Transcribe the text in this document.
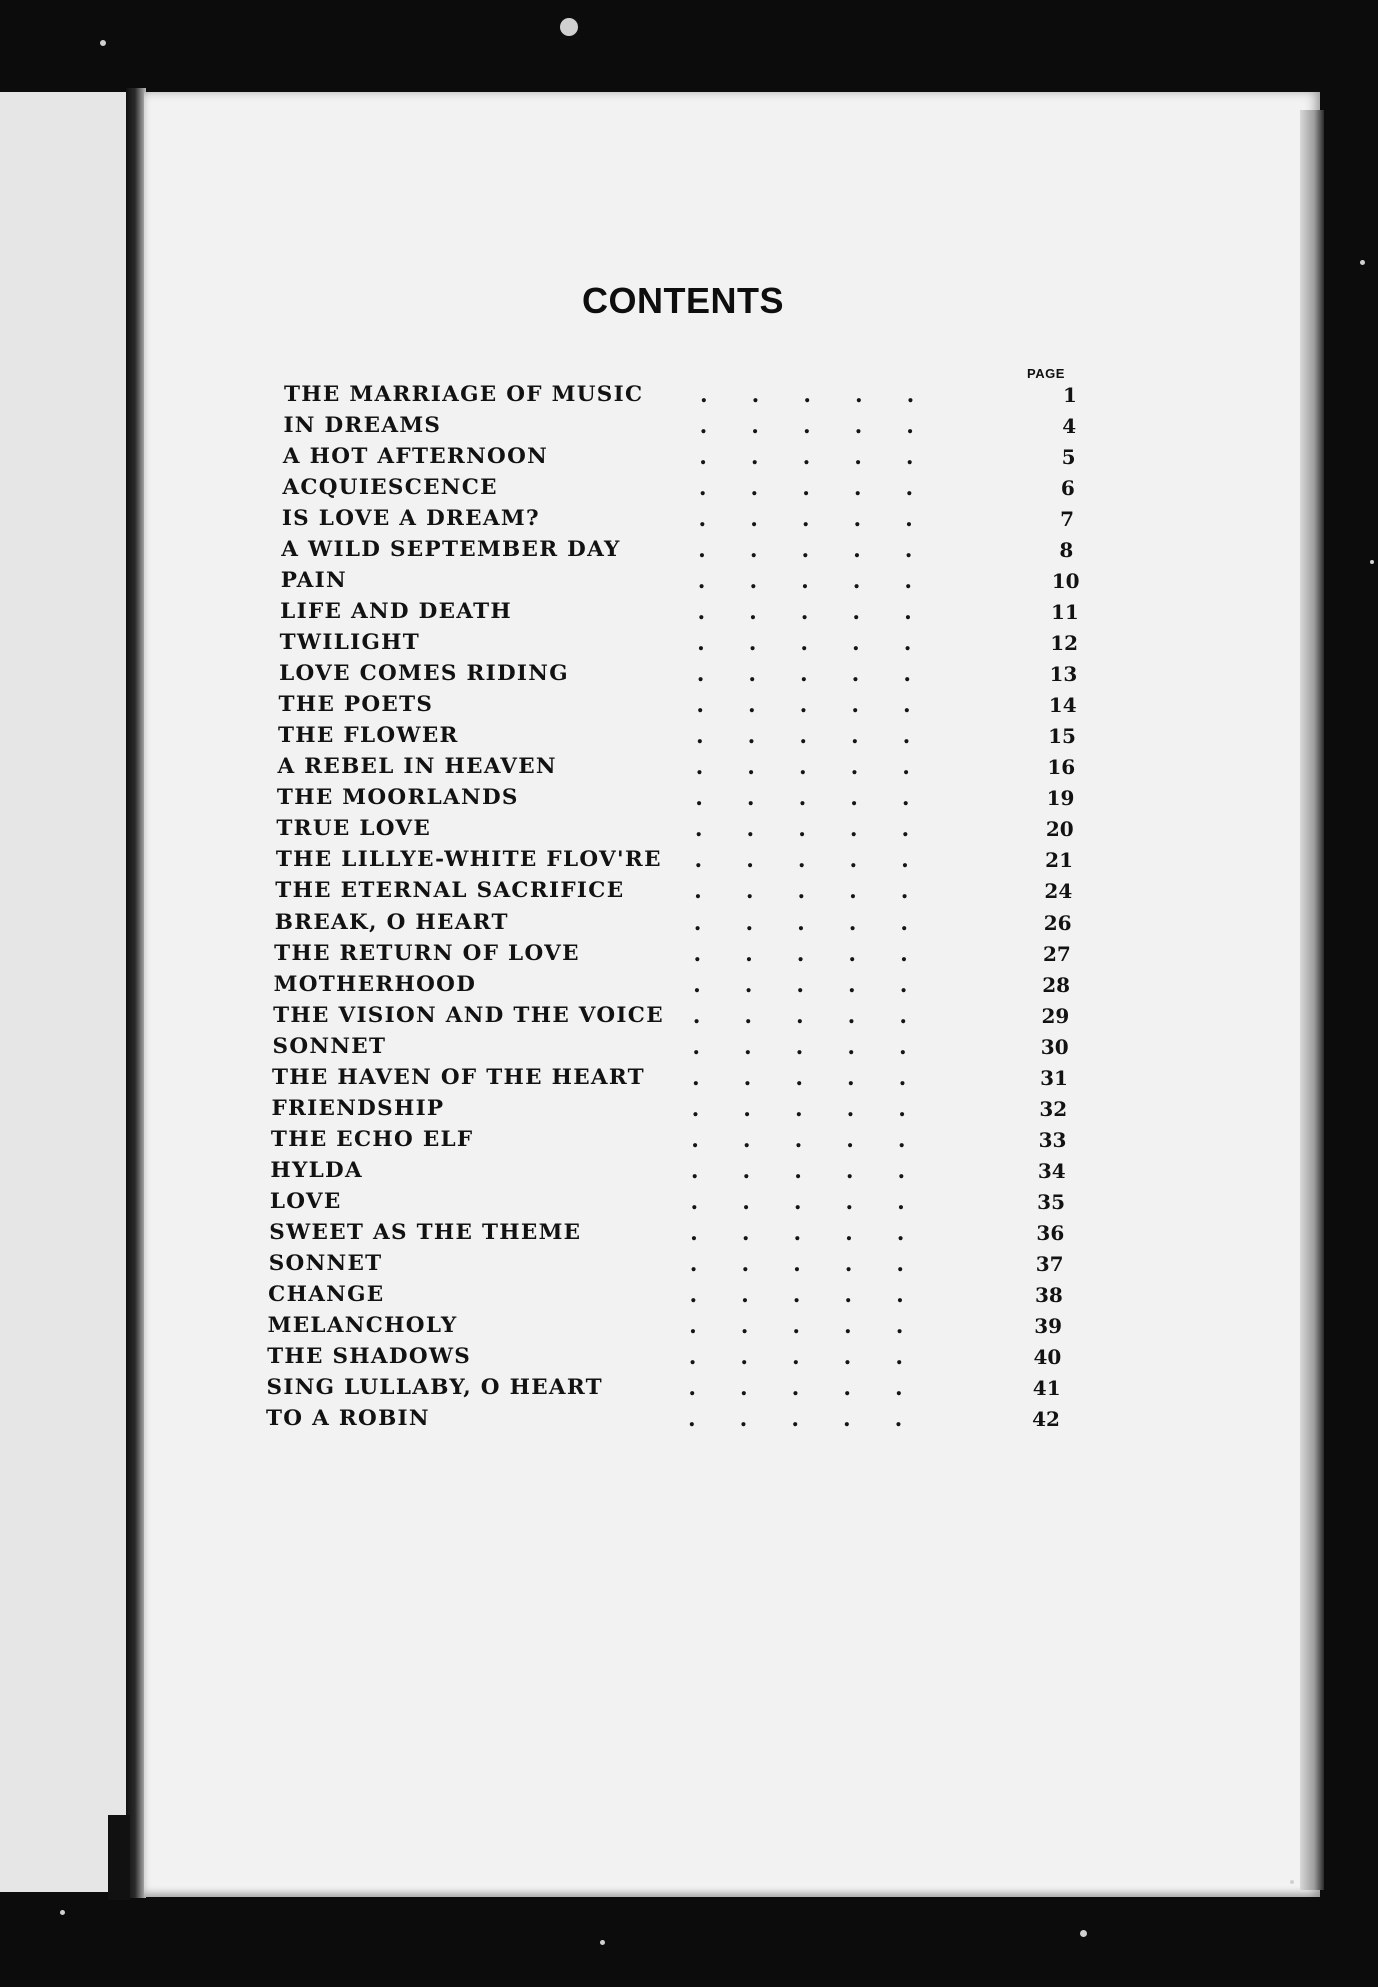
CONTENTS
PAGE
THE MARRIAGE OF MUSIC	.  .  .  .  .	1
IN DREAMS	.  .  .  .  .	4
A HOT AFTERNOON	.  .  .  .  .	5
ACQUIESCENCE	.  .  .  .  .	6
IS LOVE A DREAM?	.  .  .  .  .	7
A WILD SEPTEMBER DAY	.  .  .  .  .	8
PAIN	.  .  .  .  .	10
LIFE AND DEATH	.  .  .  .  .	11
TWILIGHT	.  .  .  .  .	12
LOVE COMES RIDING	.  .  .  .  .	13
THE POETS	.  .  .  .  .	14
THE FLOWER	.  .  .  .  .	15
A REBEL IN HEAVEN	.  .  .  .  .	16
THE MOORLANDS	.  .  .  .  .	19
TRUE LOVE	.  .  .  .  .	20
THE LILLYE-WHITE FLOV'RE .  .  .  .  .	21
THE ETERNAL SACRIFICE	.  .  .  .  .	24
BREAK, O HEART	.  .  .  .  .	26
THE RETURN OF LOVE	.  .  .  .  .	27
MOTHERHOOD	.  .  .  .  .	28
THE VISION AND THE VOICE .  .  .  .  .	29
SONNET	.  .  .  .  .	30
THE HAVEN OF THE HEART .  .  .  .  .	31
FRIENDSHIP	.  .  .  .  .	32
THE ECHO ELF	.  .  .  .  .	33
HYLDA	.  .  .  .  .	34
LOVE	.  .  .  .  .	35
SWEET AS THE THEME	.  .  .  .  .	36
SONNET	.  .  .  .  .	37
CHANGE	.  .  .  .  .	38
MELANCHOLY	.  .  .  .  .	39
THE SHADOWS	.  .  .  .  .	40
SING LULLABY, O HEART	.  .  .  .  .	41
TO A ROBIN	.  .  .  .  .	42
